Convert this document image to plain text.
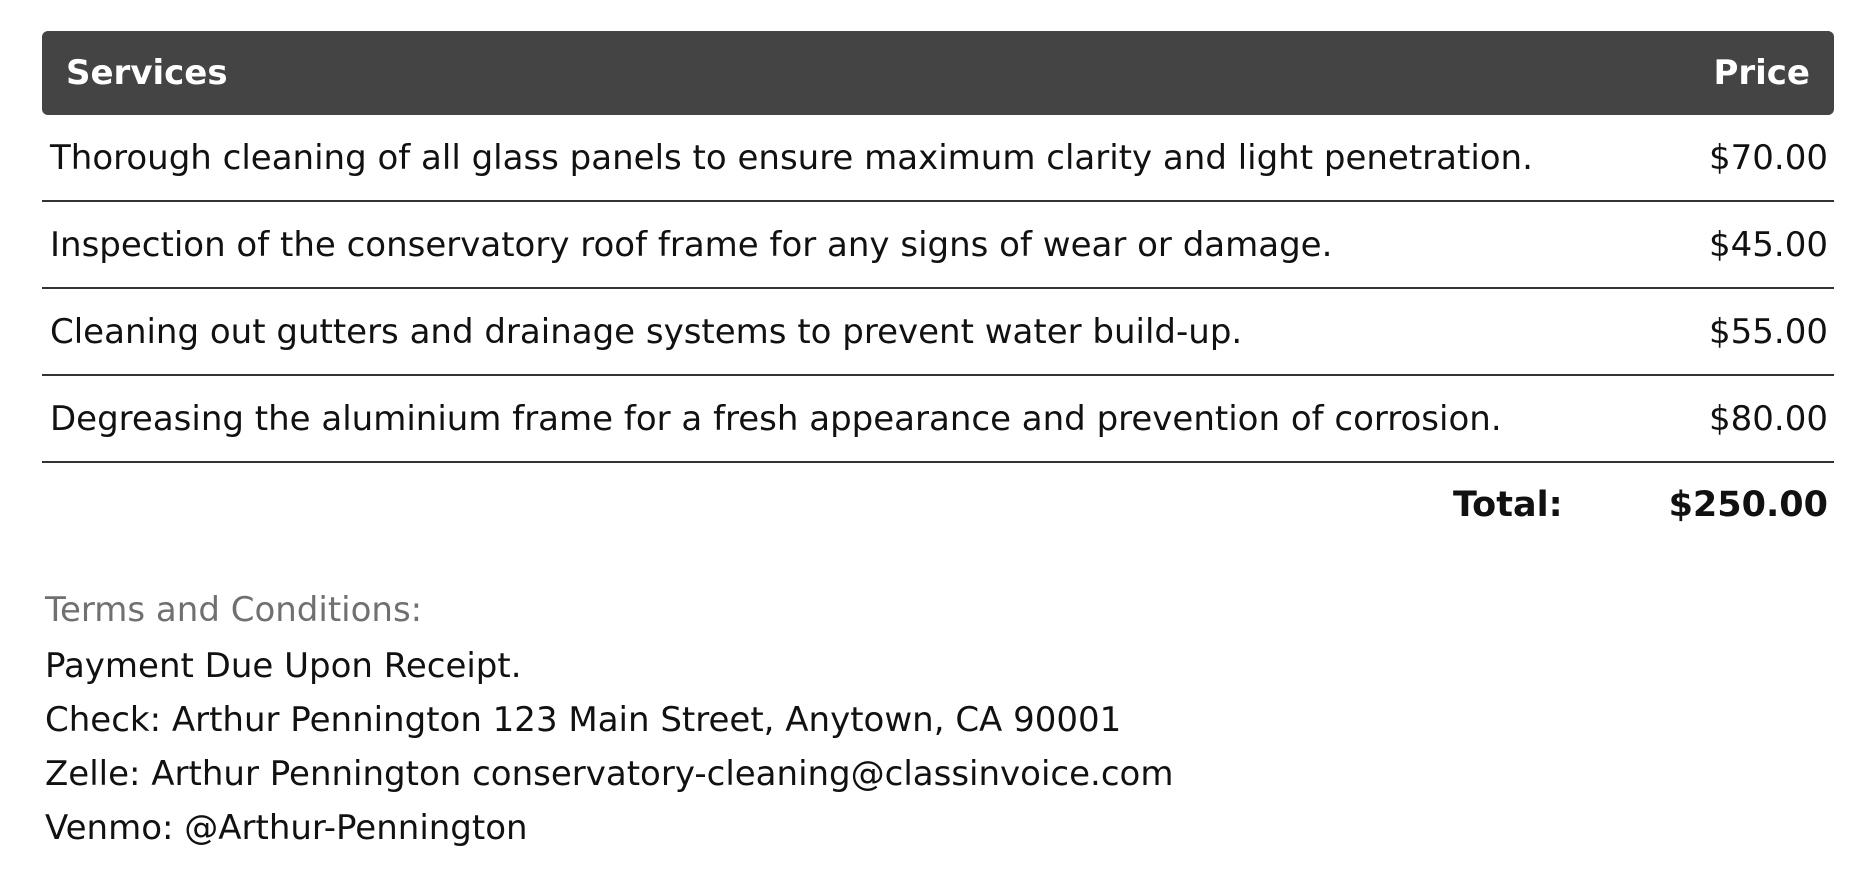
Services	Price
Thorough cleaning of all glass panels to ensure maximum clarity and light penetration.	$70.00
Inspection of the conservatory roof frame for any signs of wear or damage.	$45.00
Cleaning out gutters and drainage systems to prevent water build-up.	$55.00
Degreasing the aluminium frame for a fresh appearance and prevention of corrosion.	$80.00
Total:	$250.00
Terms and Conditions:
Payment Due Upon Receipt.
Check: Arthur Pennington 123 Main Street, Anytown, CA 90001
Zelle: Arthur Pennington conservatory-cleaning@classinvoice.com
Venmo: @Arthur-Pennington
